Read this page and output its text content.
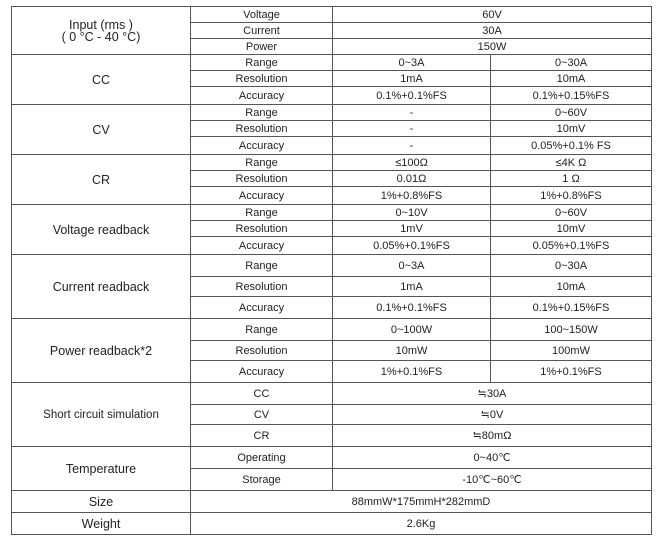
Input (rms )
( 0 °C - 40 °C)	Voltage	60V	
	Current	30A	
	Power	150W	
CC	Range	0~3A	0~30A
	Resolution	1mA	10mA
	Accuracy	0.1%+0.1%FS	0.1%+0.15%FS
CV	Range	-	0~60V
	Resolution	-	10mV
	Accuracy	-	0.05%+0.1% FS
CR	Range	≤100Ω	≤4K Ω
	Resolution	0.01Ω	1 Ω
	Accuracy	1%+0.8%FS	1%+0.8%FS
Voltage readback	Range	0~10V	0~60V
	Resolution	1mV	10mV
	Accuracy	0.05%+0.1%FS	0.05%+0.1%FS
Current readback	Range	0~3A	0~30A
	Resolution	1mA	10mA
	Accuracy	0.1%+0.1%FS	0.1%+0.15%FS
Power readback*2	Range	0~100W	100~150W
	Resolution	10mW	100mW
	Accuracy	1%+0.1%FS	1%+0.1%FS
Short circuit simulation	CC	≒30A	
	CV	≒0V	
	CR	≒80mΩ	
Temperature	Operating	0~40℃	
	Storage	-10℃~60℃	
Size	88mmW*175mmH*282mmD		
Weight	2.6Kg		
